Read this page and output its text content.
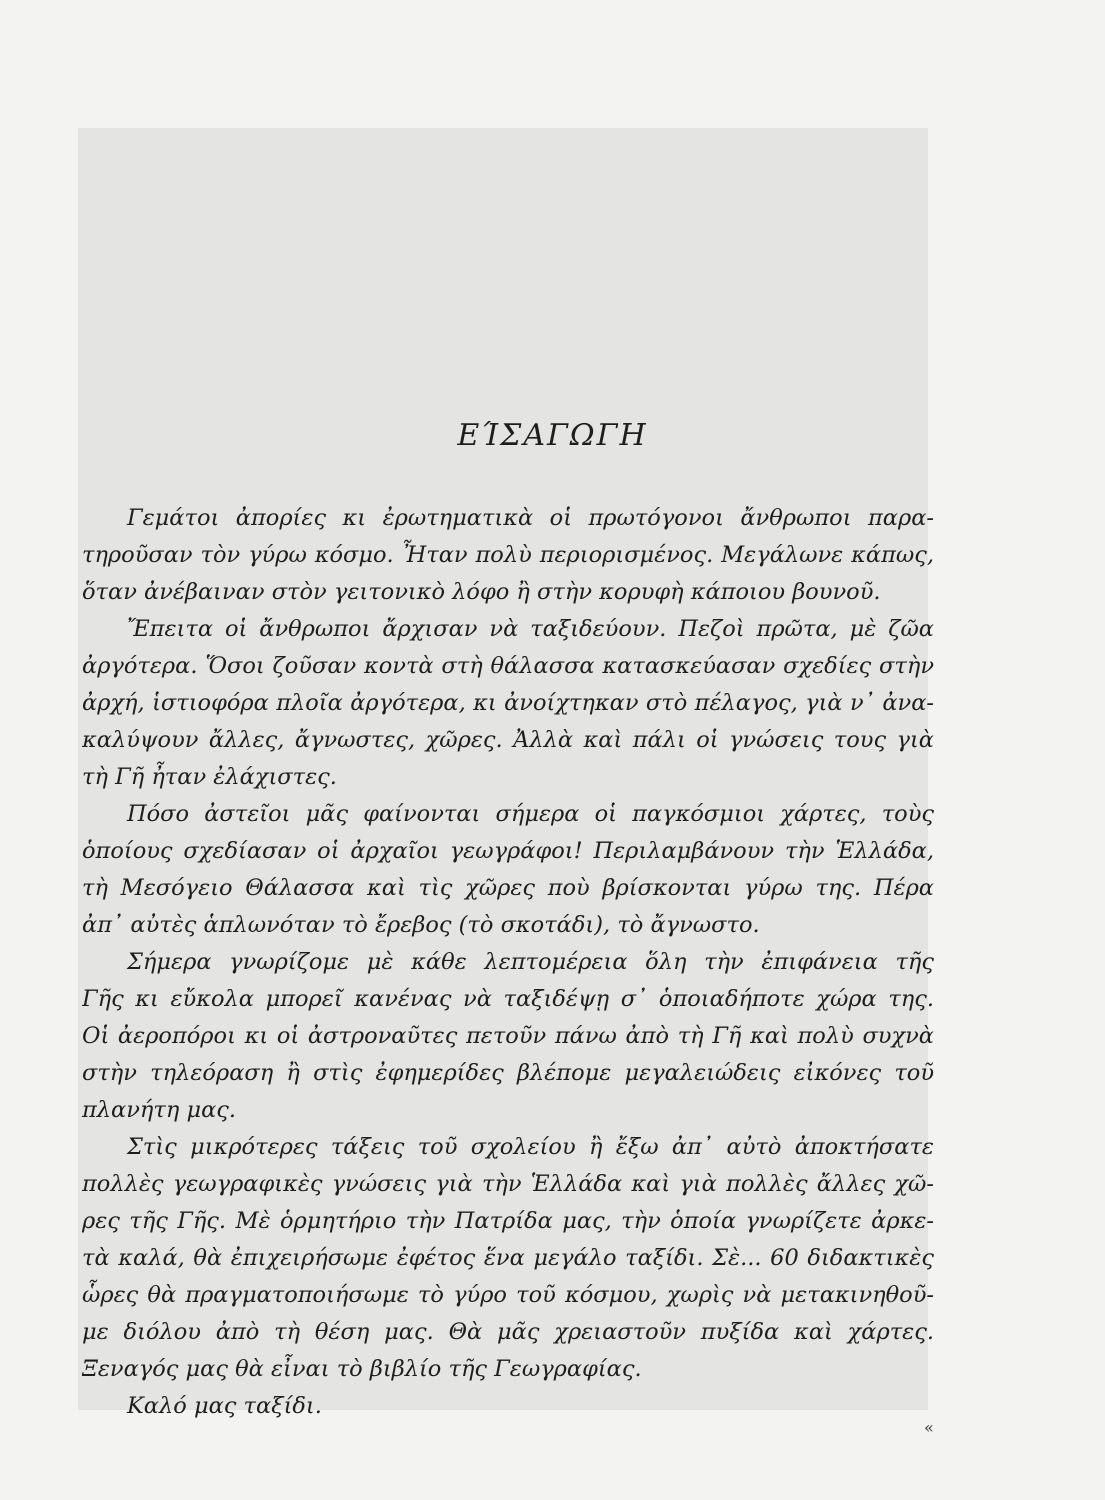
ΕΊΣΑΓΩΓΗ
Γεμάτοι ἀπορίες κι ἐρωτηματικὰ οἱ πρωτόγονοι ἄνθρωποι παρα-
τηροῦσαν τὸν γύρω κόσμο. Ἦταν πολὺ περιορισμένος. Μεγάλωνε κάπως,
ὅταν ἀνέβαιναν στὸν γειτονικὸ λόφο ἢ στὴν κορυφὴ κάποιου βουνοῦ.
Ἔπειτα οἱ ἄνθρωποι ἄρχισαν νὰ ταξιδεύουν. Πεζοὶ πρῶτα, μὲ ζῶα
ἀργότερα. Ὅσοι ζοῦσαν κοντὰ στὴ θάλασσα κατασκεύασαν σχεδίες στὴν
ἀρχή, ἱστιοφόρα πλοῖα ἀργότερα, κι ἀνοίχτηκαν στὸ πέλαγος, γιὰ ν᾽ ἀνα-
καλύψουν ἄλλες, ἄγνωστες, χῶρες. Ἀλλὰ καὶ πάλι οἱ γνώσεις τους γιὰ
τὴ Γῆ ἦταν ἐλάχιστες.
Πόσο ἀστεῖοι μᾶς φαίνονται σήμερα οἱ παγκόσμιοι χάρτες, τοὺς
ὁποίους σχεδίασαν οἱ ἀρχαῖοι γεωγράφοι! Περιλαμβάνουν τὴν Ἑλλάδα,
τὴ Μεσόγειο Θάλασσα καὶ τὶς χῶρες ποὺ βρίσκονται γύρω της. Πέρα
ἀπ᾽ αὐτὲς ἁπλωνόταν τὸ ἔρεβος (τὸ σκοτάδι), τὸ ἄγνωστο.
Σήμερα γνωρίζομε μὲ κάθε λεπτομέρεια ὅλη τὴν ἐπιφάνεια τῆς
Γῆς κι εὔκολα μπορεῖ κανένας νὰ ταξιδέψῃ σ᾽ ὁποιαδήποτε χώρα της.
Οἱ ἀεροπόροι κι οἱ ἀστροναῦτες πετοῦν πάνω ἀπὸ τὴ Γῆ καὶ πολὺ συχνὰ
στὴν τηλεόραση ἢ στὶς ἐφημερίδες βλέπομε μεγαλειώδεις εἰκόνες τοῦ
πλανήτη μας.
Στὶς μικρότερες τάξεις τοῦ σχολείου ἢ ἔξω ἀπ᾽ αὐτὸ ἀποκτήσατε
πολλὲς γεωγραφικὲς γνώσεις γιὰ τὴν Ἑλλάδα καὶ γιὰ πολλὲς ἄλλες χῶ-
ρες τῆς Γῆς. Μὲ ὁρμητήριο τὴν Πατρίδα μας, τὴν ὁποία γνωρίζετε ἀρκε-
τὰ καλά, θὰ ἐπιχειρήσωμε ἐφέτος ἕνα μεγάλο ταξίδι. Σὲ... 60 διδακτικὲς
ὧρες θὰ πραγματοποιήσωμε τὸ γύρο τοῦ κόσμου, χωρὶς νὰ μετακινηθοῦ-
με διόλου ἀπὸ τὴ θέση μας. Θὰ μᾶς χρειαστοῦν πυξίδα καὶ χάρτες.
Ξεναγός μας θὰ εἶναι τὸ βιβλίο τῆς Γεωγραφίας.
Καλό μας ταξίδι.
«
